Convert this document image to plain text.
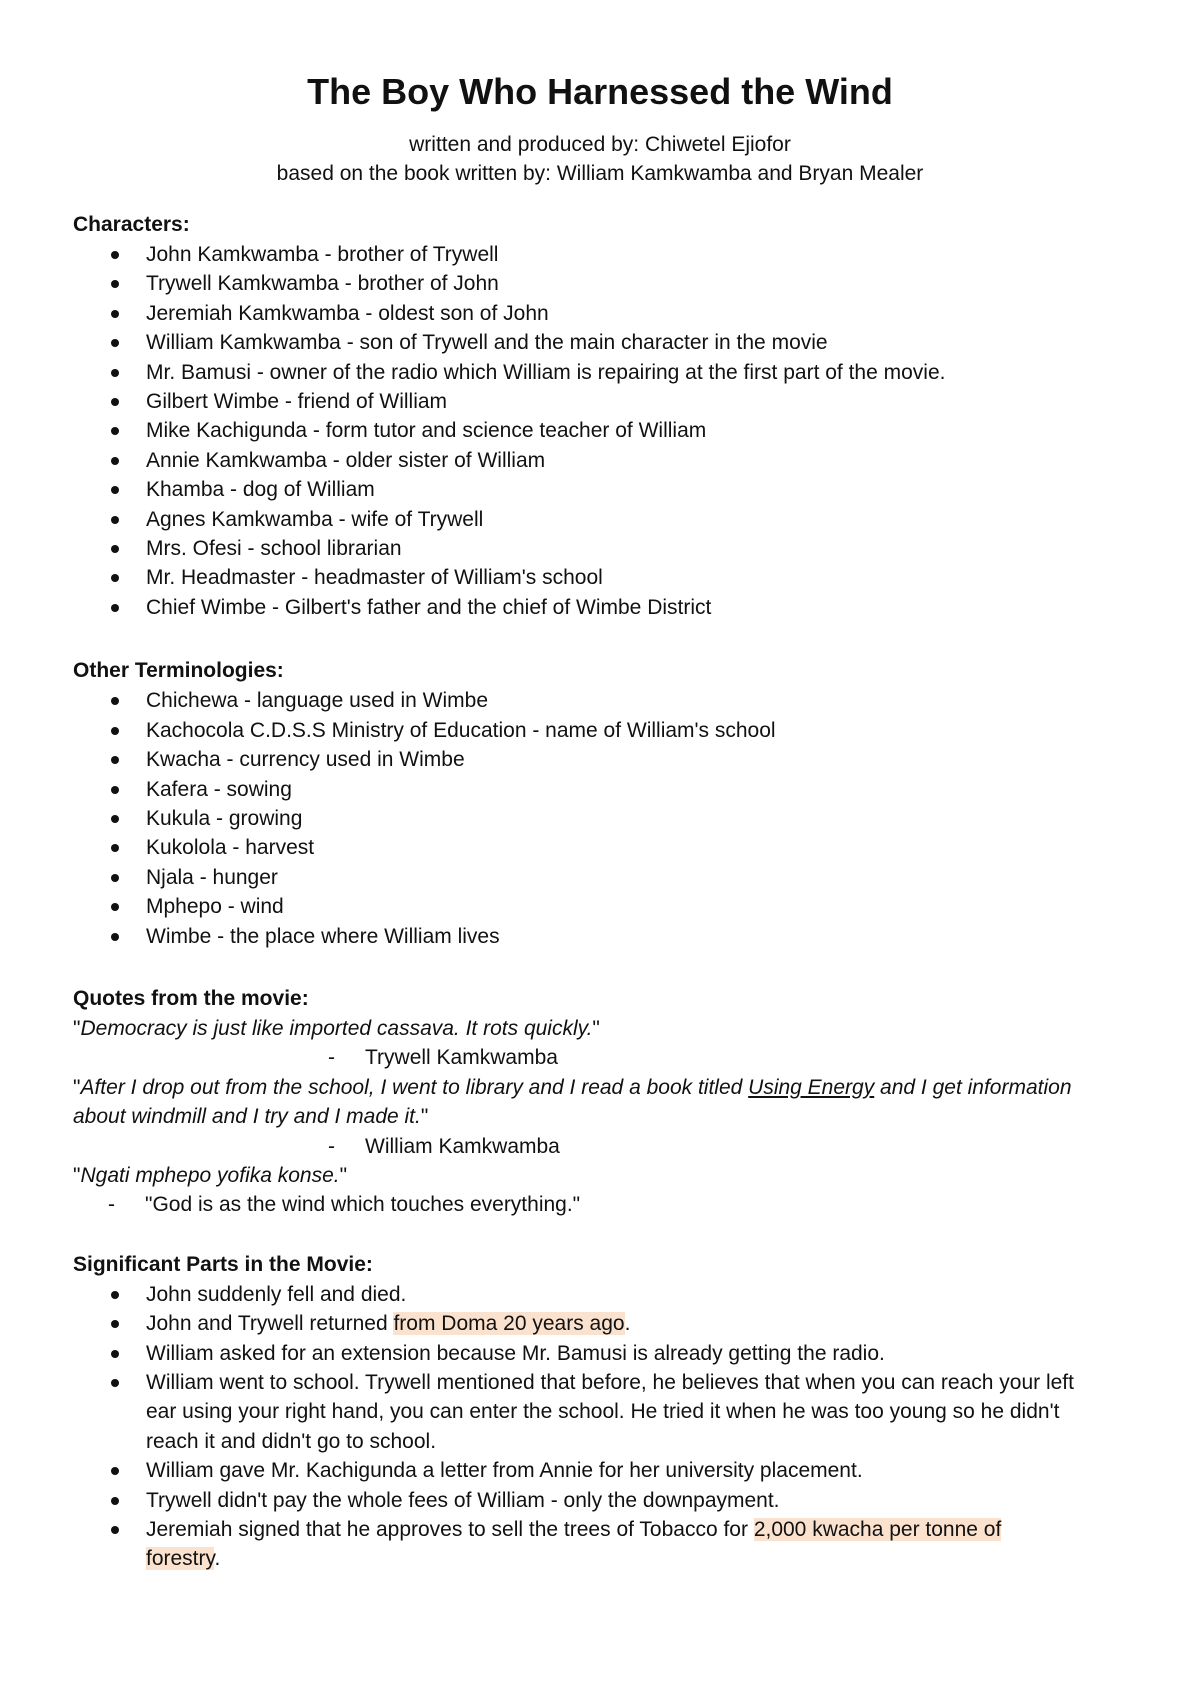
The Boy Who Harnessed the Wind
written and produced by: Chiwetel Ejiofor
based on the book written by: William Kamkwamba and Bryan Mealer
Characters:
John Kamkwamba - brother of Trywell
Trywell Kamkwamba - brother of John
Jeremiah Kamkwamba - oldest son of John
William Kamkwamba - son of Trywell and the main character in the movie
Mr. Bamusi - owner of the radio which William is repairing at the first part of the movie.
Gilbert Wimbe - friend of William
Mike Kachigunda - form tutor and science teacher of William
Annie Kamkwamba - older sister of William
Khamba - dog of William
Agnes Kamkwamba - wife of Trywell
Mrs. Ofesi - school librarian
Mr. Headmaster - headmaster of William's school
Chief Wimbe - Gilbert's father and the chief of Wimbe District
Other Terminologies:
Chichewa - language used in Wimbe
Kachocola C.D.S.S Ministry of Education - name of William's school
Kwacha - currency used in Wimbe
Kafera - sowing
Kukula - growing
Kukolola - harvest
Njala - hunger
Mphepo - wind
Wimbe - the place where William lives
Quotes from the movie:
"Democracy is just like imported cassava. It rots quickly."
- Trywell Kamkwamba
"After I drop out from the school, I went to library and I read a book titled Using Energy and I get information
about windmill and I try and I made it."
- William Kamkwamba
"Ngati mphepo yofika konse."
- "God is as the wind which touches everything."
Significant Parts in the Movie:
John suddenly fell and died.
John and Trywell returned from Doma 20 years ago.
William asked for an extension because Mr. Bamusi is already getting the radio.
William went to school. Trywell mentioned that before, he believes that when you can reach your left
ear using your right hand, you can enter the school. He tried it when he was too young so he didn't
reach it and didn't go to school.
William gave Mr. Kachigunda a letter from Annie for her university placement.
Trywell didn't pay the whole fees of William - only the downpayment.
Jeremiah signed that he approves to sell the trees of Tobacco for 2,000 kwacha per tonne of
forestry.
